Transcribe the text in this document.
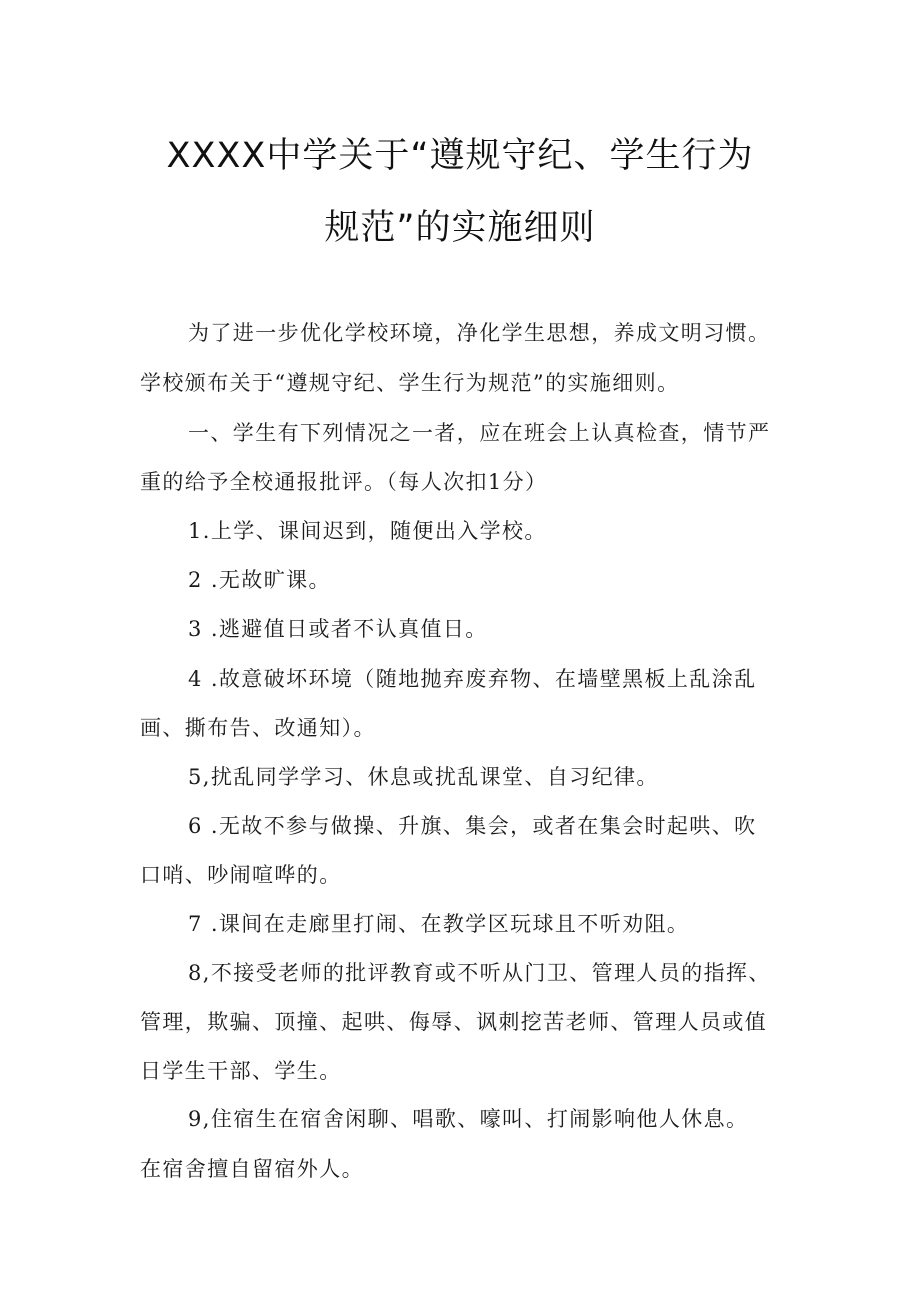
XXXX中学关于“遵规守纪、学生行为
规范”的实施细则
为了进一步优化学校环境，净化学生思想，养成文明习惯。
学校颁布关于“遵规守纪、学生行为规范”的实施细则。
一、学生有下列情况之一者，应在班会上认真检查，情节严
重的给予全校通报批评。（每人次扣1分）
1.上学、课间迟到，随便出入学校。
2 .无故旷课。
3 .逃避值日或者不认真值日。
4 .故意破坏环境（随地抛弃废弃物、在墙壁黑板上乱涂乱
画、撕布告、改通知）。
5,扰乱同学学习、休息或扰乱课堂、自习纪律。
6 .无故不参与做操、升旗、集会，或者在集会时起哄、吹
口哨、吵闹喧哗的。
7 .课间在走廊里打闹、在教学区玩球且不听劝阻。
8,不接受老师的批评教育或不听从门卫、管理人员的指挥、
管理，欺骗、顶撞、起哄、侮辱、讽刺挖苦老师、管理人员或值
日学生干部、学生。
9,住宿生在宿舍闲聊、唱歌、嚎叫、打闹影响他人休息。
在宿舍擅自留宿外人。
